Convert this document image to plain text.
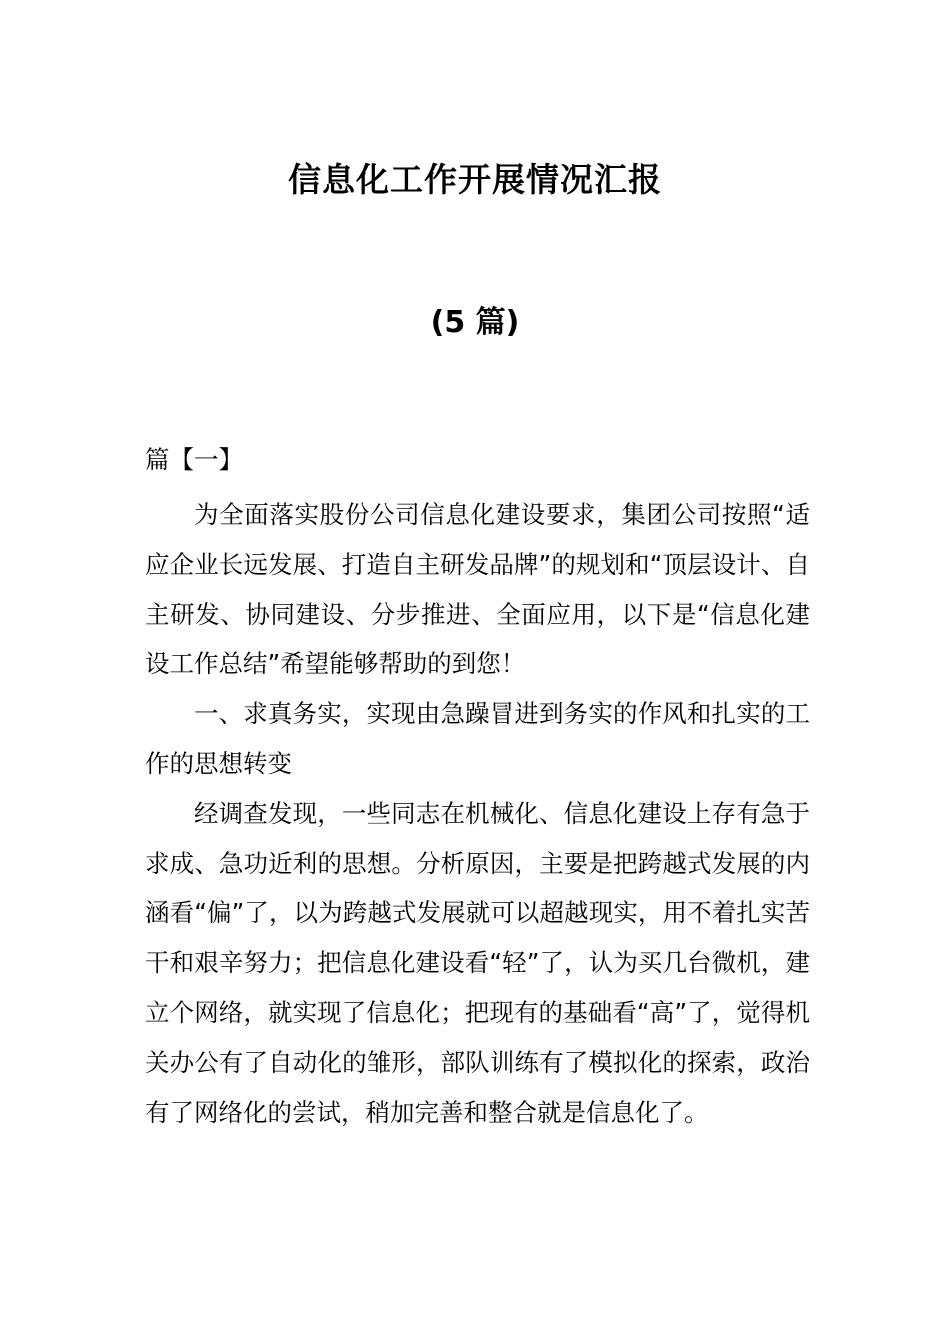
信息化工作开展情况汇报
(5 篇)

篇【一】

为全面落实股份公司信息化建设要求，集团公司按照“适应企业长远发展、打造自主研发品牌”的规划和“顶层设计、自主研发、协同建设、分步推进、全面应用，以下是“信息化建设工作总结”希望能够帮助的到您！

一、求真务实，实现由急躁冒进到务实的作风和扎实的工作的思想转变

经调查发现，一些同志在机械化、信息化建设上存有急于求成、急功近利的思想。分析原因，主要是把跨越式发展的内涵看“偏”了，以为跨越式发展就可以超越现实，用不着扎实苦干和艰辛努力；把信息化建设看“轻”了，认为买几台微机，建立个网络，就实现了信息化；把现有的基础看“高”了，觉得机关办公有了自动化的雏形，部队训练有了模拟化的探索，政治有了网络化的尝试，稍加完善和整合就是信息化了。
